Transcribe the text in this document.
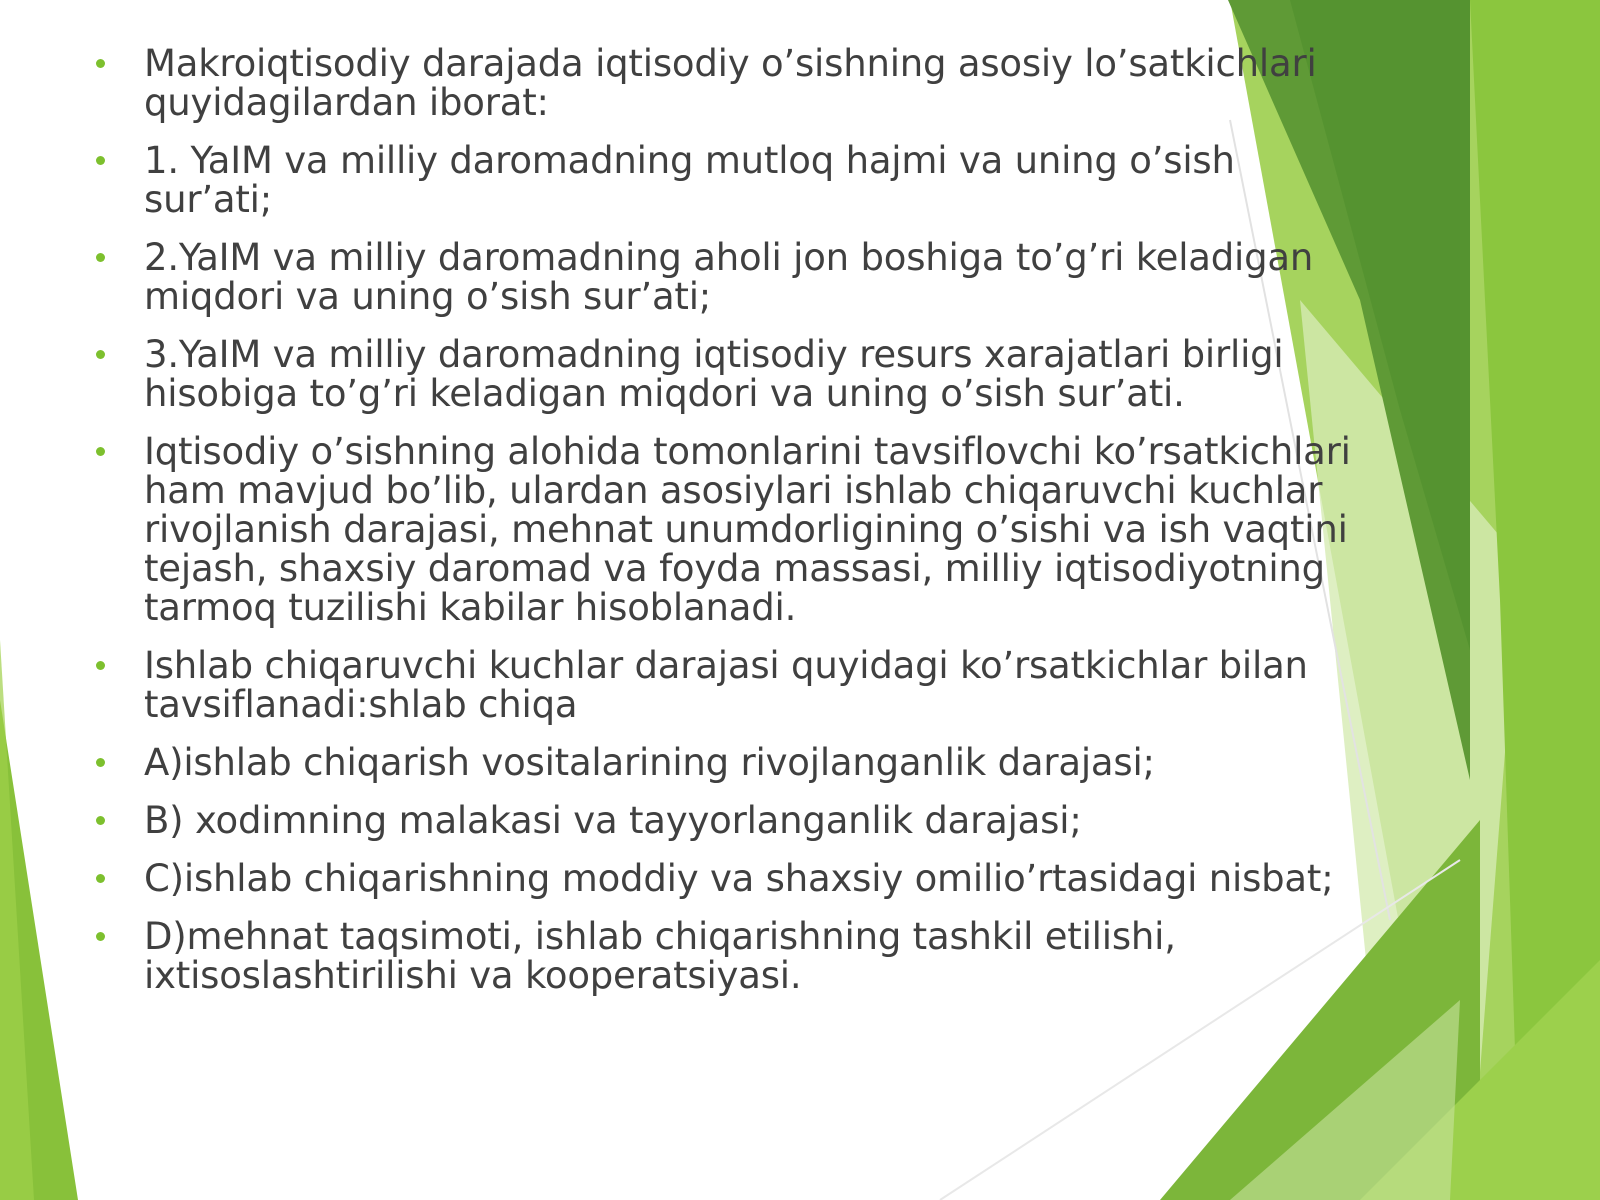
Makroiqtisodiy darajada iqtisodiy o’sishning asosiy lo’satkichlari quyidagilardan iborat:
1. YaIM va milliy daromadning mutloq hajmi va uning o’sish sur’ati;
2.YaIM va milliy daromadning aholi jon boshiga to’g’ri keladigan miqdori va uning o’sish sur’ati;
3.YaIM va milliy daromadning iqtisodiy resurs xarajatlari birligi hisobiga to’g’ri keladigan miqdori va uning o’sish sur’ati.
Iqtisodiy o’sishning alohida tomonlarini tavsiflovchi ko’rsatkichlari ham mavjud bo’lib, ulardan asosiylari ishlab chiqaruvchi kuchlar rivojlanish darajasi, mehnat unumdorligining o’sishi va ish vaqtini tejash, shaxsiy daromad va foyda massasi, milliy iqtisodiyotning tarmoq tuzilishi kabilar hisoblanadi.
Ishlab chiqaruvchi kuchlar darajasi quyidagi ko’rsatkichlar bilan tavsiflanadi:shlab chiqa
A)ishlab chiqarish vositalarining rivojlanganlik darajasi;
B) xodimning malakasi va tayyorlanganlik darajasi;
C)ishlab chiqarishning moddiy va shaxsiy omilio’rtasidagi nisbat;
D)mehnat taqsimoti, ishlab chiqarishning tashkil etilishi, ixtisoslashtirilishi va kooperatsiyasi.
